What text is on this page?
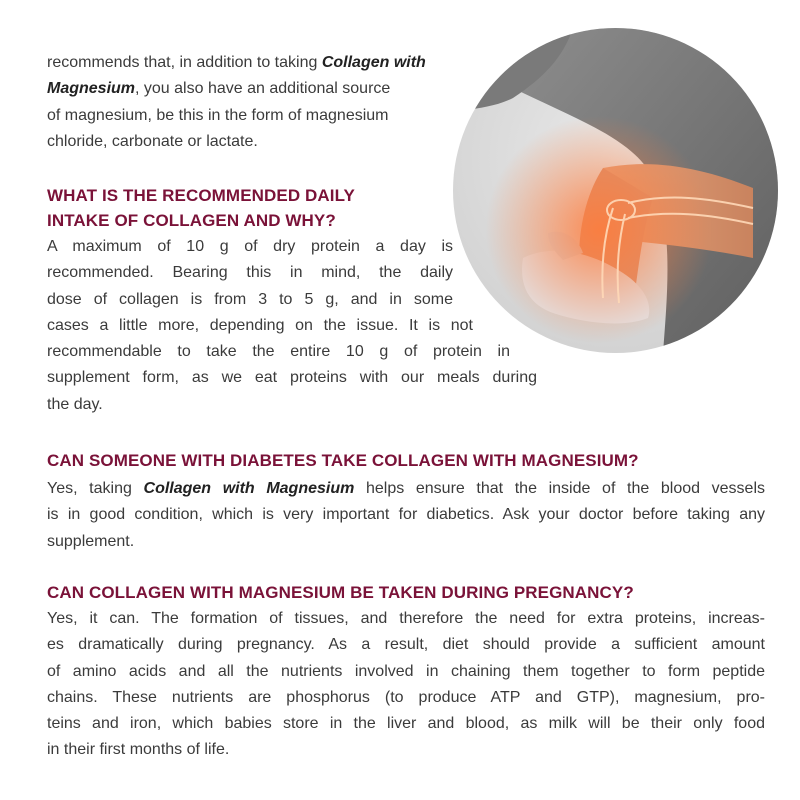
recommends that, in addition to taking Collagen with
Magnesium, you also have an additional source
of magnesium, be this in the form of magnesium
chloride, carbonate or lactate.

WHAT IS THE RECOMMENDED DAILY
INTAKE OF COLLAGEN AND WHY?

A maximum of 10 g of dry protein a day is
recommended. Bearing this in mind, the daily
dose of collagen is from 3 to 5 g, and in some
cases a little more, depending on the issue. It is not
recommendable to take the entire 10 g of protein in
supplement form, as we eat proteins with our meals during
the day.

CAN SOMEONE WITH DIABETES TAKE COLLAGEN WITH MAGNESIUM?

Yes, taking Collagen with Magnesium helps ensure that the inside of the blood vessels
is in good condition, which is very important for diabetics. Ask your doctor before taking any
supplement.

CAN COLLAGEN WITH MAGNESIUM BE TAKEN DURING PREGNANCY?

Yes, it can. The formation of tissues, and therefore the need for extra proteins, increas-
es dramatically during pregnancy. As a result, diet should provide a sufficient amount
of amino acids and all the nutrients involved in chaining them together to form peptide
chains. These nutrients are phosphorus (to produce ATP and GTP), magnesium, pro-
teins and iron, which babies store in the liver and blood, as milk will be their only food
in their first months of life.
